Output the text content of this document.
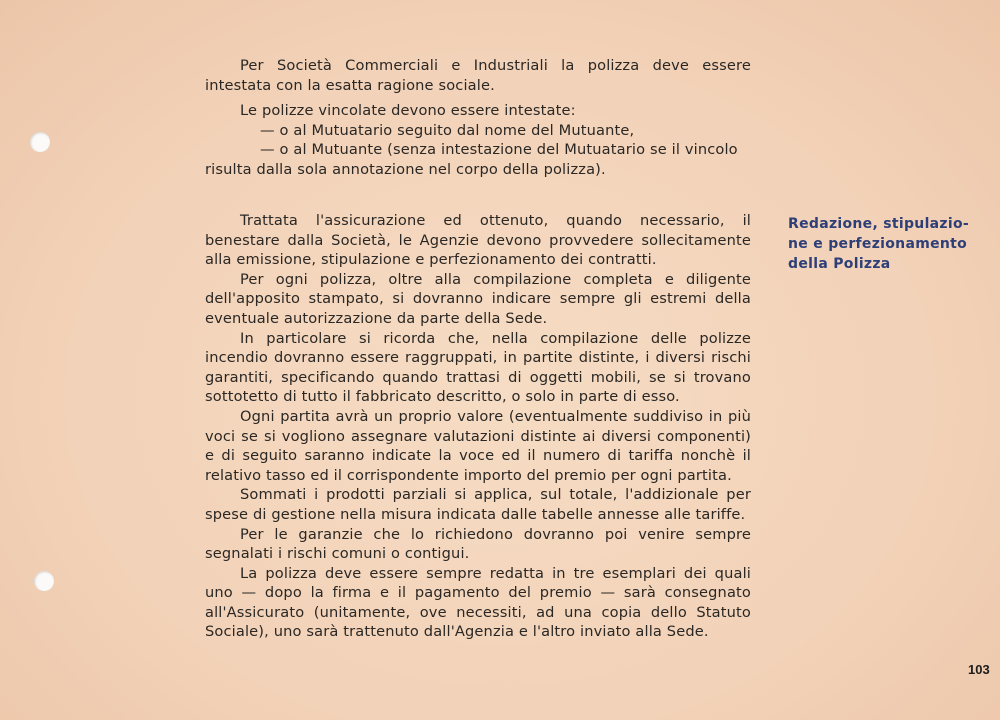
Per Società Commerciali e Industriali la polizza deve essere intestata con la esatta ragione sociale.

Le polizze vincolate devono essere intestate:

— o al Mutuatario seguito dal nome del Mutuante,

— o al Mutuante (senza intestazione del Mutuatario se il vincolo

risulta dalla sola annotazione nel corpo della polizza).

Redazione, stipulazio-
ne e perfezionamento
della Polizza

Trattata l'assicurazione ed ottenuto, quando necessario, il benestare dalla Società, le Agenzie devono provvedere sollecitamente alla emissione, stipulazione e perfezionamento dei contratti.

Per ogni polizza, oltre alla compilazione completa e diligente dell'apposito stampato, si dovranno indicare sempre gli estremi della eventuale autorizzazione da parte della Sede.

In particolare si ricorda che, nella compilazione delle polizze incendio dovranno essere raggruppati, in partite distinte, i diversi rischi garantiti, specificando quando trattasi di oggetti mobili, se si trovano sottotetto di tutto il fabbricato descritto, o solo in parte di esso.

Ogni partita avrà un proprio valore (eventualmente suddiviso in più voci se si vogliono assegnare valutazioni distinte ai diversi componenti) e di seguito saranno indicate la voce ed il numero di tariffa nonchè il relativo tasso ed il corrispondente importo del premio per ogni partita.

Sommati i prodotti parziali si applica, sul totale, l'addizionale per spese di gestione nella misura indicata dalle tabelle annesse alle tariffe.

Per le garanzie che lo richiedono dovranno poi venire sempre segnalati i rischi comuni o contigui.

La polizza deve essere sempre redatta in tre esemplari dei quali uno — dopo la firma e il pagamento del premio — sarà consegnato all'Assicurato (unitamente, ove necessiti, ad una copia dello Statuto Sociale), uno sarà trattenuto dall'Agenzia e l'altro inviato alla Sede.

103
